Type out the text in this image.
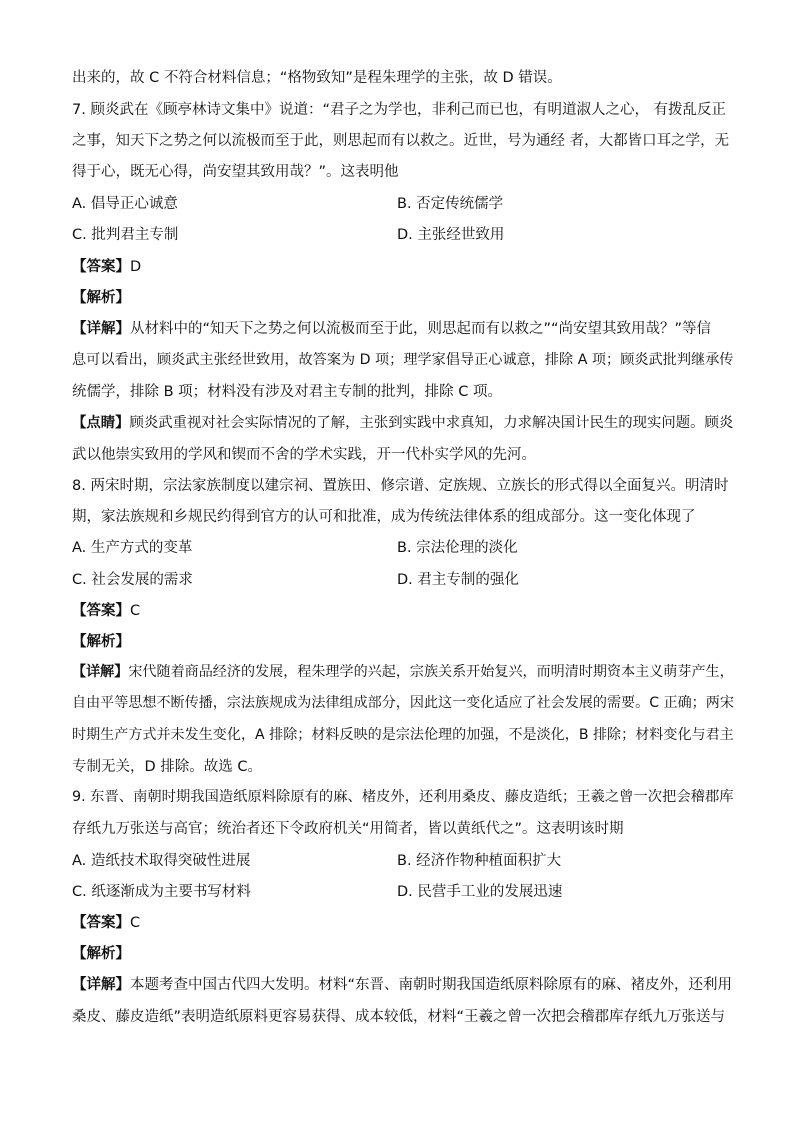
出来的，故 C 不符合材料信息；“格物致知”是程朱理学的主张，故 D 错误。
7. 顾炎武在《顾亭林诗文集中》说道：“君子之为学也，非利己而已也，有明道淑人之心， 有拨乱反正
之事，知天下之势之何以流极而至于此，则思起而有以救之。近世，号为通经 者，大都皆口耳之学，无
得于心，既无心得，尚安望其致用哉？”。这表明他
A. 倡导正心诚意	B. 否定传统儒学
C. 批判君主专制	D. 主张经世致用
【答案】D
【解析】
【详解】从材料中的“知天下之势之何以流极而至于此，则思起而有以救之”“尚安望其致用哉？”等信
息可以看出，顾炎武主张经世致用，故答案为 D 项；理学家倡导正心诚意，排除 A 项；顾炎武批判继承传
统儒学，排除 B 项；材料没有涉及对君主专制的批判，排除 C 项。
【点睛】顾炎武重视对社会实际情况的了解，主张到实践中求真知，力求解决国计民生的现实问题。顾炎
武以他崇实致用的学风和锲而不舍的学术实践，开一代朴实学风的先河。
8. 两宋时期，宗法家族制度以建宗祠、置族田、修宗谱、定族规、立族长的形式得以全面复兴。明清时
期，家法族规和乡规民约得到官方的认可和批准，成为传统法律体系的组成部分。这一变化体现了
A. 生产方式的变革	B. 宗法伦理的淡化
C. 社会发展的需求	D. 君主专制的强化
【答案】C
【解析】
【详解】宋代随着商品经济的发展，程朱理学的兴起，宗族关系开始复兴，而明清时期资本主义萌芽产生，
自由平等思想不断传播，宗法族规成为法律组成部分，因此这一变化适应了社会发展的需要。C 正确；两宋
时期生产方式并未发生变化，A 排除；材料反映的是宗法伦理的加强，不是淡化，B 排除；材料变化与君主
专制无关，D 排除。故选 C。
9. 东晋、南朝时期我国造纸原料除原有的麻、楮皮外，还利用桑皮、藤皮造纸；王羲之曾一次把会稽郡库
存纸九万张送与高官；统治者还下令政府机关“用简者，皆以黄纸代之”。这表明该时期
A. 造纸技术取得突破性进展	B. 经济作物种植面积扩大
C. 纸逐渐成为主要书写材料	D. 民营手工业的发展迅速
【答案】C
【解析】
【详解】本题考查中国古代四大发明。材料“东晋、南朝时期我国造纸原料除原有的麻、褚皮外，还利用
桑皮、藤皮造纸”表明造纸原料更容易获得、成本较低，材料“王羲之曾一次把会稽郡库存纸九万张送与
